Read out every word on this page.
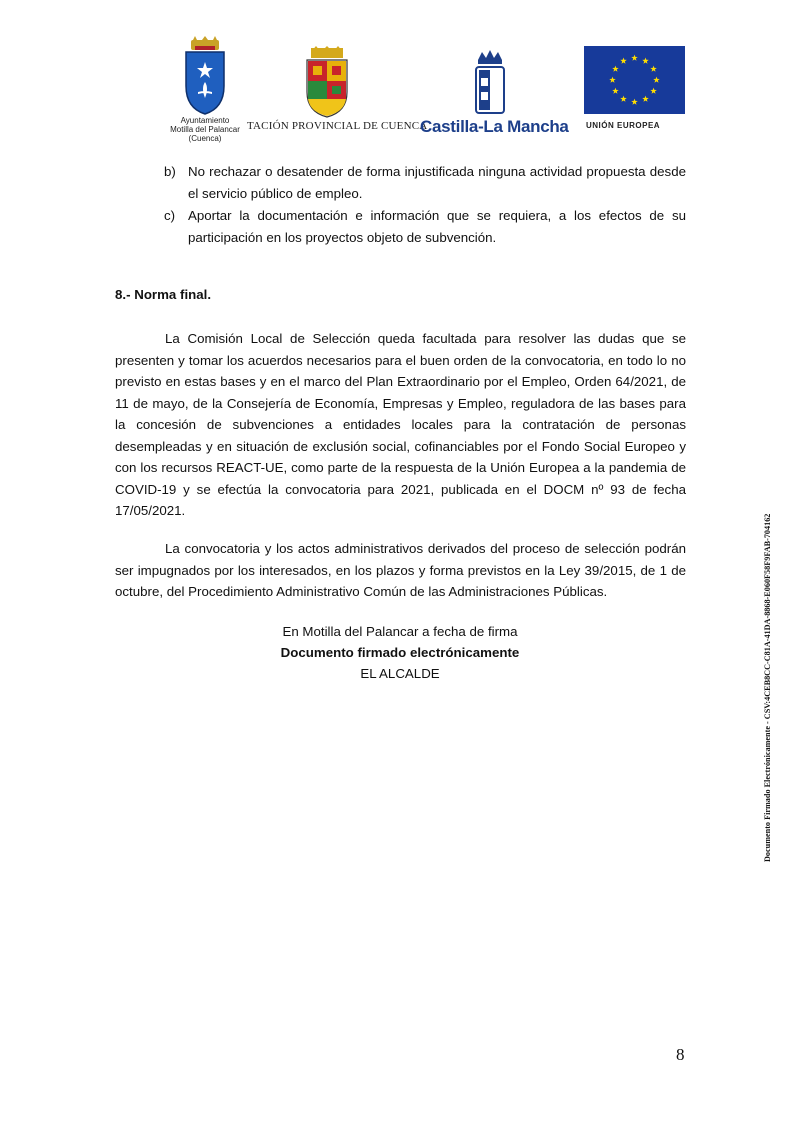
Ayuntamiento
Motilla del Palancar
(Cuenca)
TACIÓN PROVINCIAL DE CUENCA
Castilla-La Mancha UNIÓN EUROPEA
b) No rechazar o desatender de forma injustificada ninguna actividad propuesta desde el servicio público de empleo.
c) Aportar la documentación e información que se requiera, a los efectos de su participación en los proyectos objeto de subvención.
8.- Norma final.
La Comisión Local de Selección queda facultada para resolver las dudas que se presenten y tomar los acuerdos necesarios para el buen orden de la convocatoria, en todo lo no previsto en estas bases y en el marco del Plan Extraordinario por el Empleo, Orden 64/2021, de 11 de mayo, de la Consejería de Economía, Empresas y Empleo, reguladora de las bases para la concesión de subvenciones a entidades locales para la contratación de personas desempleadas y en situación de exclusión social, cofinanciables por el Fondo Social Europeo y con los recursos REACT-UE, como parte de la respuesta de la Unión Europea a la pandemia de COVID-19 y se efectúa la convocatoria para 2021, publicada en el DOCM nº 93 de fecha 17/05/2021.
La convocatoria y los actos administrativos derivados del proceso de selección podrán ser impugnados por los interesados, en los plazos y forma previstos en la Ley 39/2015, de 1 de octubre, del Procedimiento Administrativo Común de las Administraciones Públicas.
En Motilla del Palancar a fecha de firma
Documento firmado electrónicamente
EL ALCALDE	Documento Firmado Electrónicamente - CSV:4CEB8CC-C81A-41DA-8868-E060F58F9FAB-704162
8
